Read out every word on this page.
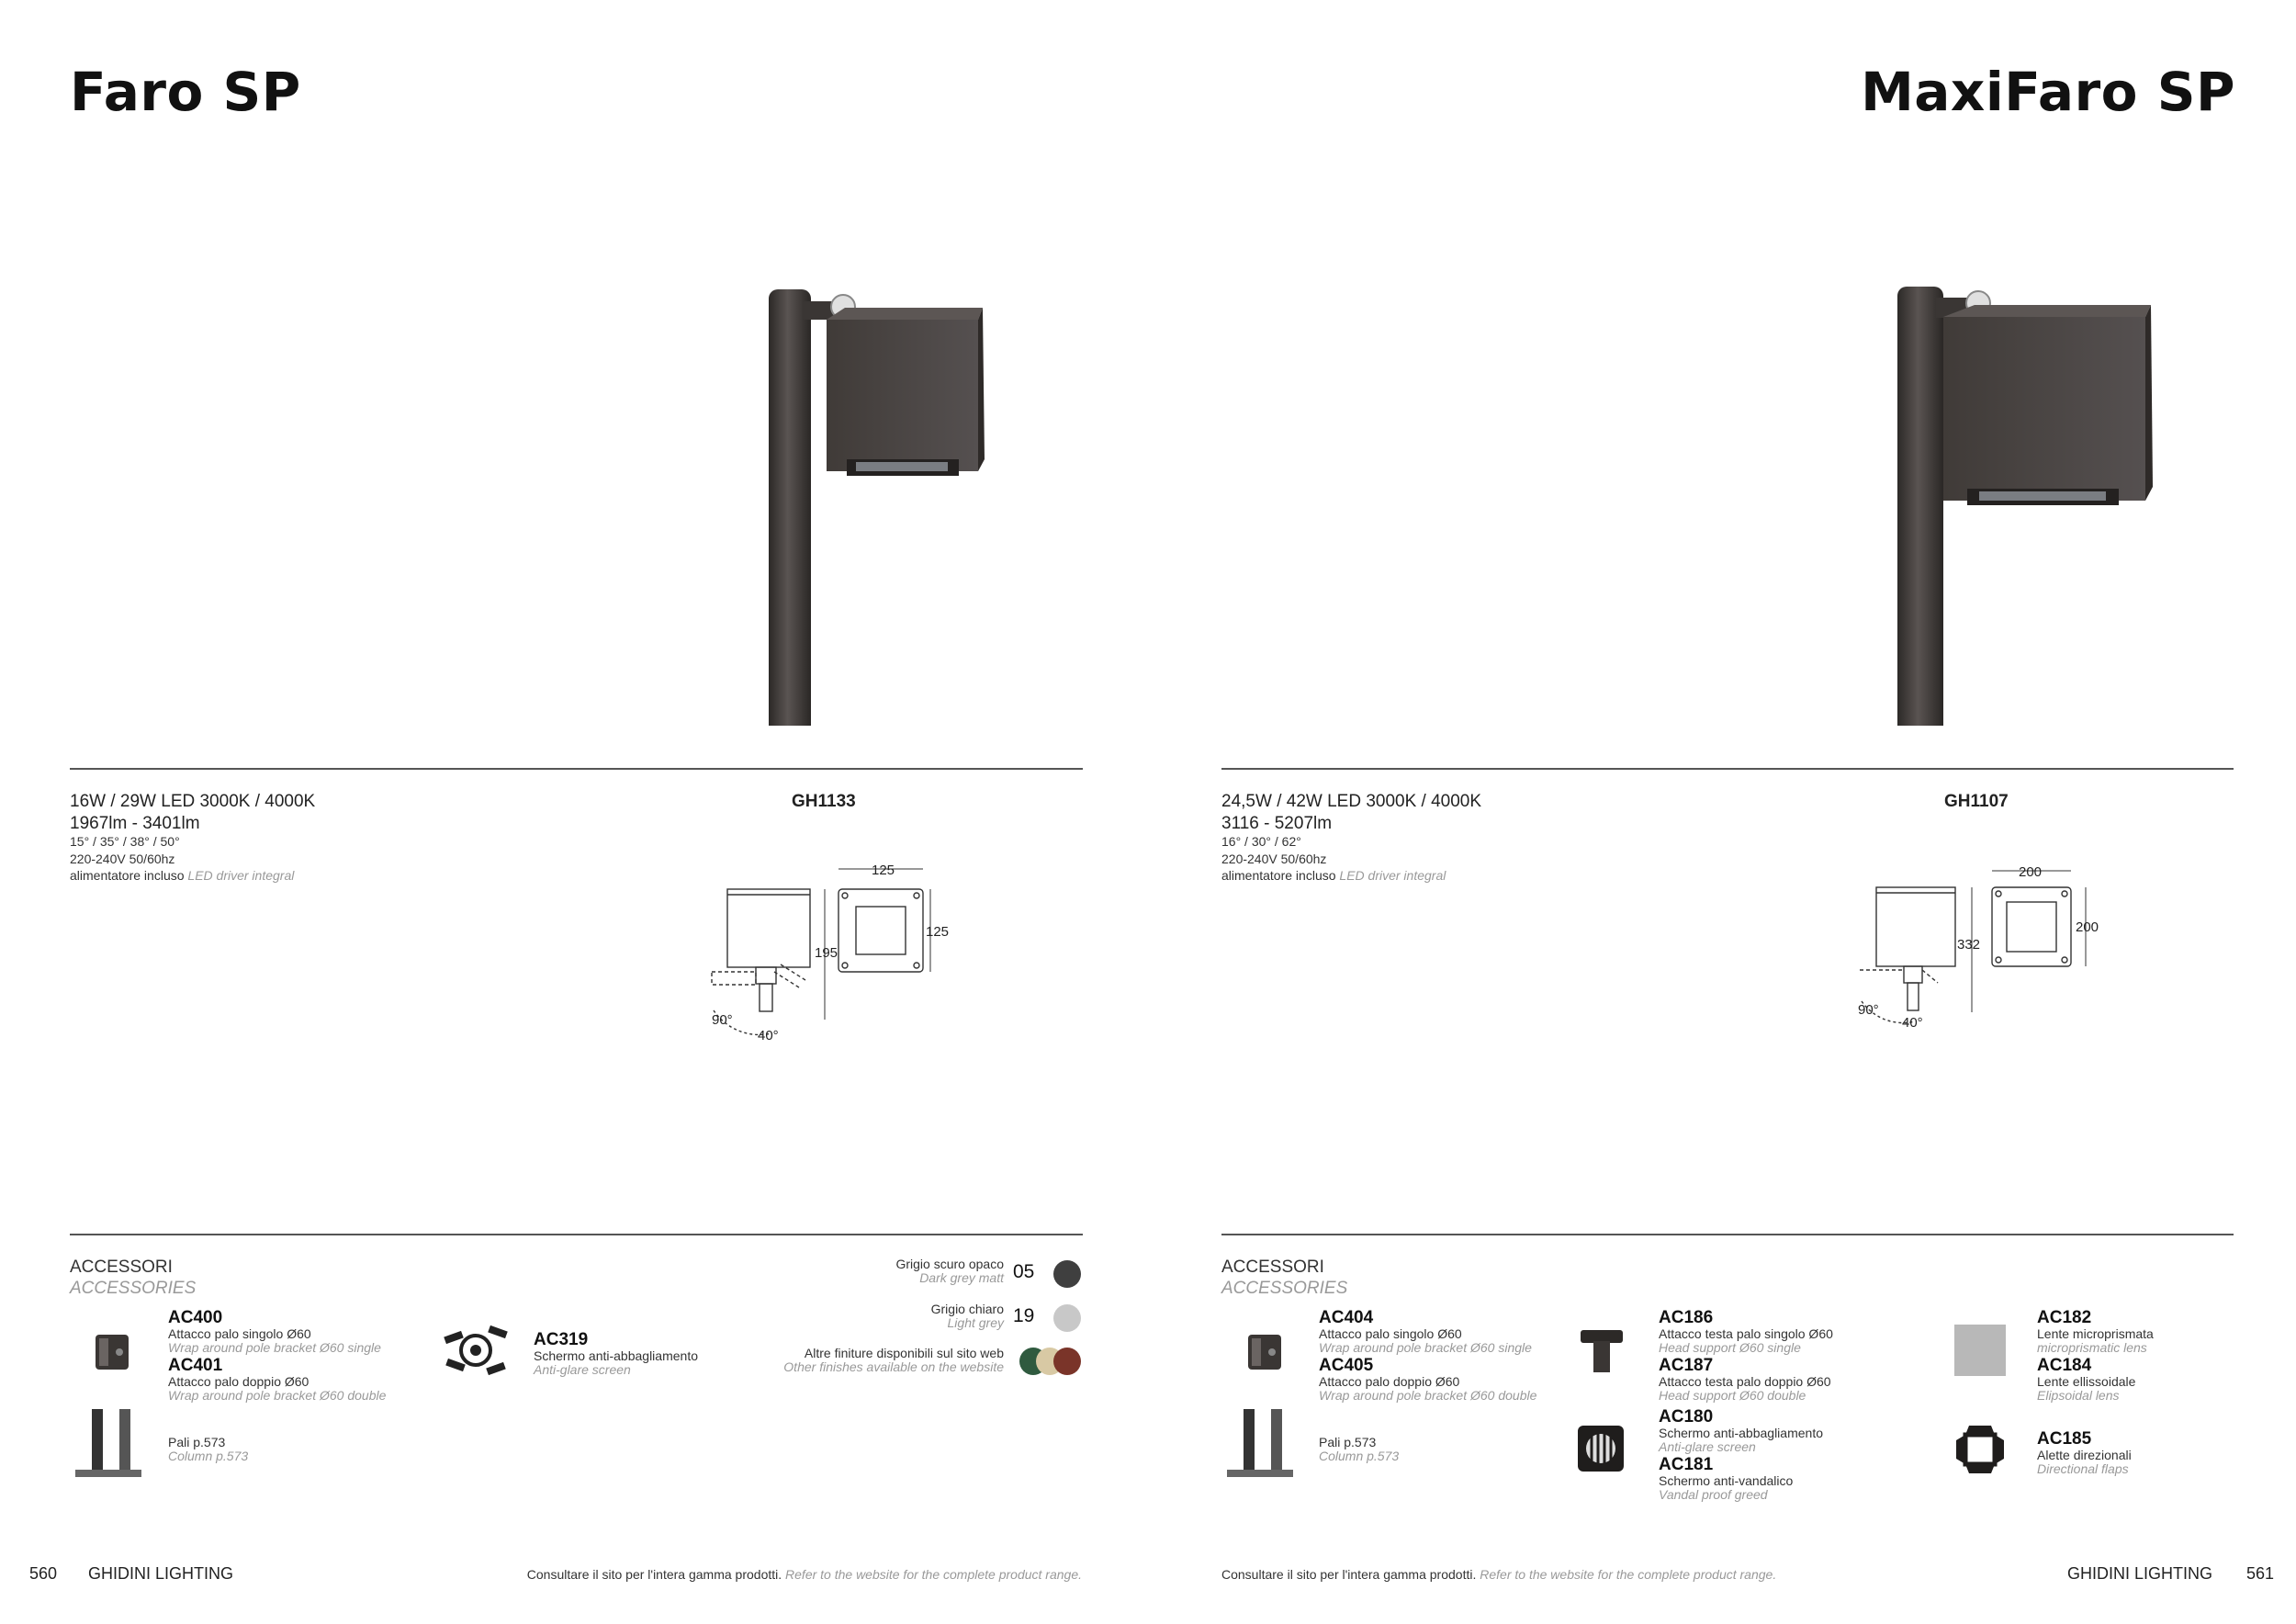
Faro SP
16W / 29W LED 3000K / 4000K
1967lm - 3401lm
15° / 35° / 38° / 50°
220-240V 50/60hz
alimentatore incluso LED driver integral
GH1133
125
125
195
90°
40°
ACCESSORI
ACCESSORIES
AC400
Attacco palo singolo Ø60
Wrap around pole bracket Ø60 single
AC401
Attacco palo doppio Ø60
Wrap around pole bracket Ø60 double
AC319
Schermo anti-abbagliamento
Anti-glare screen
Pali p.573
Column p.573
Grigio scuro opaco
Dark grey matt 05
Grigio chiaro
Light grey 19
Altre finiture disponibili sul sito web
Other finishes available on the website
560 GHIDINI LIGHTING	Consultare il sito per l'intera gamma prodotti. Refer to the website for the complete product range.
MaxiFaro SP
24,5W / 42W LED 3000K / 4000K
3116 - 5207lm
16° / 30° / 62°
220-240V 50/60hz
alimentatore incluso LED driver integral
GH1107
200
200
332
90°
40°
ACCESSORI
ACCESSORIES
AC404
Attacco palo singolo Ø60
Wrap around pole bracket Ø60 single
AC405
Attacco palo doppio Ø60
Wrap around pole bracket Ø60 double
Pali p.573
Column p.573
AC186
Attacco testa palo singolo Ø60
Head support Ø60 single
AC187
Attacco testa palo doppio Ø60
Head support Ø60 double
AC180
Schermo anti-abbagliamento
Anti-glare screen
AC181
Schermo anti-vandalico
Vandal proof greed
AC182
Lente microprismata
microprismatic lens
AC184
Lente ellissoidale
Elipsoidal lens
AC185
Alette direzionali
Directional flaps
Consultare il sito per l'intera gamma prodotti. Refer to the website for the complete product range.	GHIDINI LIGHTING 561
